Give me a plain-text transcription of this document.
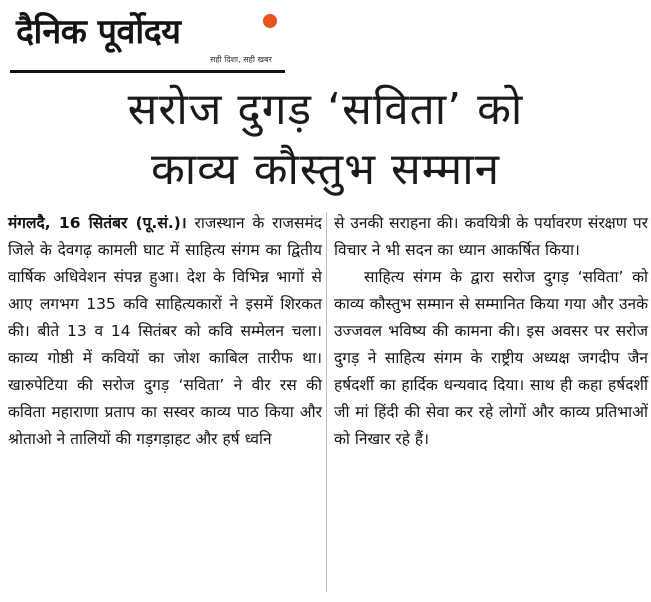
दैनिक पूर्वोदय
सही दिशा, सही खबर
सरोज दुगड़ ‘सविता’ को
काव्य कौस्तुभ सम्मान

मंगलदै, 16 सितंबर (पू.सं.)। राजस्थान के राजसमंद जिले के देवगढ़ कामली घाट में साहित्य संगम का द्वितीय वार्षिक अधिवेशन संपन्न हुआ। देश के विभिन्न भागों से आए लगभग 135 कवि साहित्यकारों ने इसमें शिरकत की। बीते 13 व 14 सितंबर को कवि सम्मेलन चला। काव्य गोष्ठी में कवियों का जोश काबिल तारीफ था। खारुपेटिया की सरोज दुगड़ ‘सविता’ ने वीर रस की कविता महाराणा प्रताप का सस्वर काव्य पाठ किया और श्रोताओ ने तालियों की गड़गड़ाहट और हर्ष ध्वनि

से उनकी सराहना की। कवयित्री के पर्यावरण संरक्षण पर विचार ने भी सदन का ध्यान आकर्षित किया।

साहित्य संगम के द्वारा सरोज दुगड़ ‘सविता’ को काव्य कौस्तुभ सम्मान से सम्मानित किया गया और उनके उज्जवल भविष्य की कामना की। इस अवसर पर सरोज दुगड़ ने साहित्य संगम के राष्ट्रीय अध्यक्ष जगदीप जैन हर्षदर्शी का हार्दिक धन्यवाद दिया। साथ ही कहा हर्षदर्शी जी मां हिंदी की सेवा कर रहे लोगों और काव्य प्रतिभाओं को निखार रहे हैं।
